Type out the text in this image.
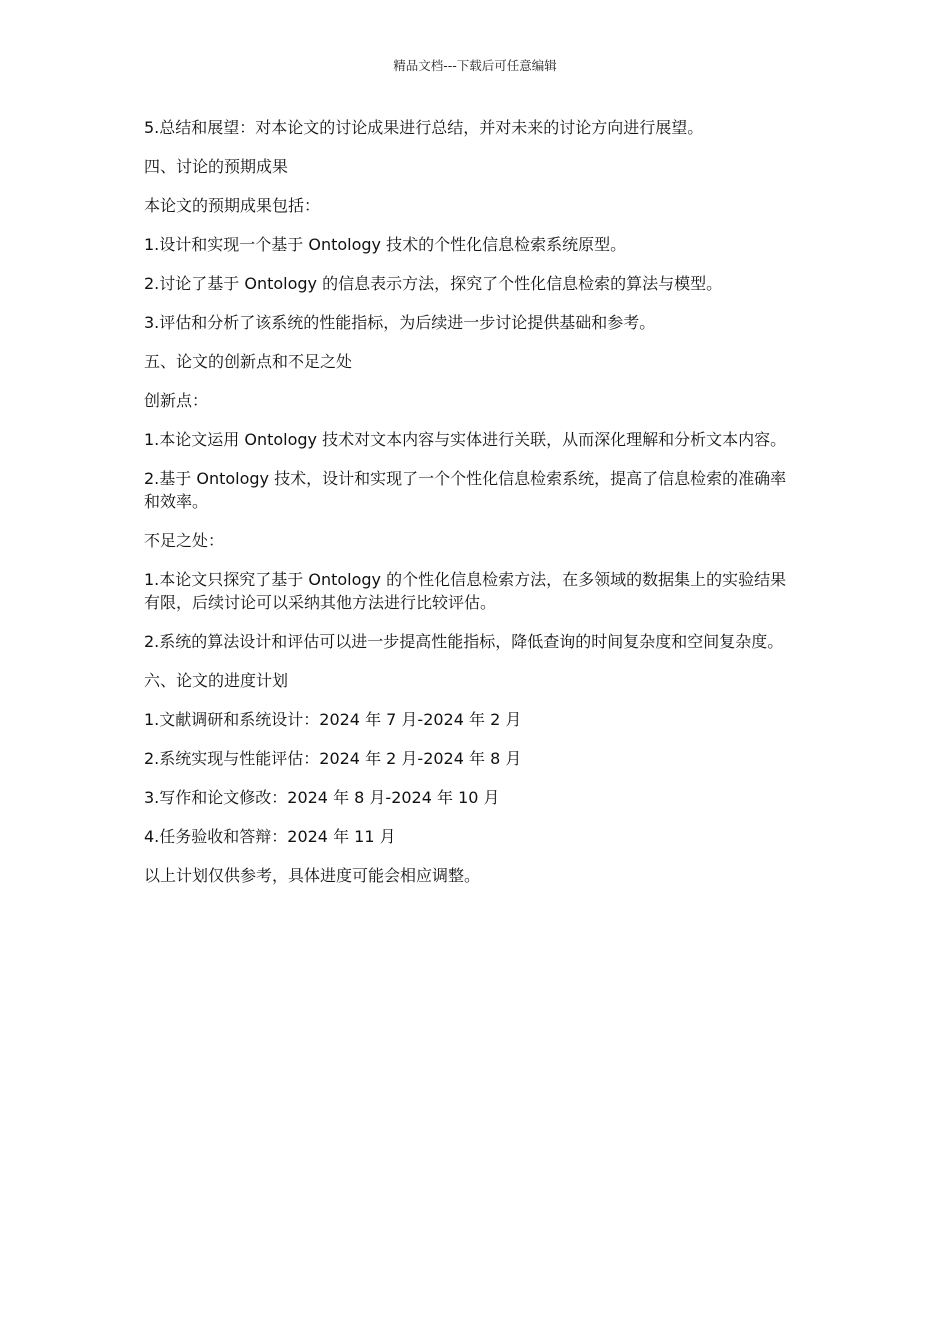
精品文档---下载后可任意编辑

5.总结和展望：对本论文的讨论成果进行总结，并对未来的讨论方向进行展望。

四、讨论的预期成果

本论文的预期成果包括：

1.设计和实现一个基于 Ontology 技术的个性化信息检索系统原型。

2.讨论了基于 Ontology 的信息表示方法，探究了个性化信息检索的算法与模型。

3.评估和分析了该系统的性能指标，为后续进一步讨论提供基础和参考。

五、论文的创新点和不足之处

创新点：

1.本论文运用 Ontology 技术对文本内容与实体进行关联，从而深化理解和分析文本内容。

2.基于 Ontology 技术，设计和实现了一个个性化信息检索系统，提高了信息检索的准确率和效率。

不足之处：

1.本论文只探究了基于 Ontology 的个性化信息检索方法，在多领域的数据集上的实验结果有限，后续讨论可以采纳其他方法进行比较评估。

2.系统的算法设计和评估可以进一步提高性能指标，降低查询的时间复杂度和空间复杂度。

六、论文的进度计划

1.文献调研和系统设计：2024 年 7 月-2024 年 2 月

2.系统实现与性能评估：2024 年 2 月-2024 年 8 月

3.写作和论文修改：2024 年 8 月-2024 年 10 月

4.任务验收和答辩：2024 年 11 月

以上计划仅供参考，具体进度可能会相应调整。
